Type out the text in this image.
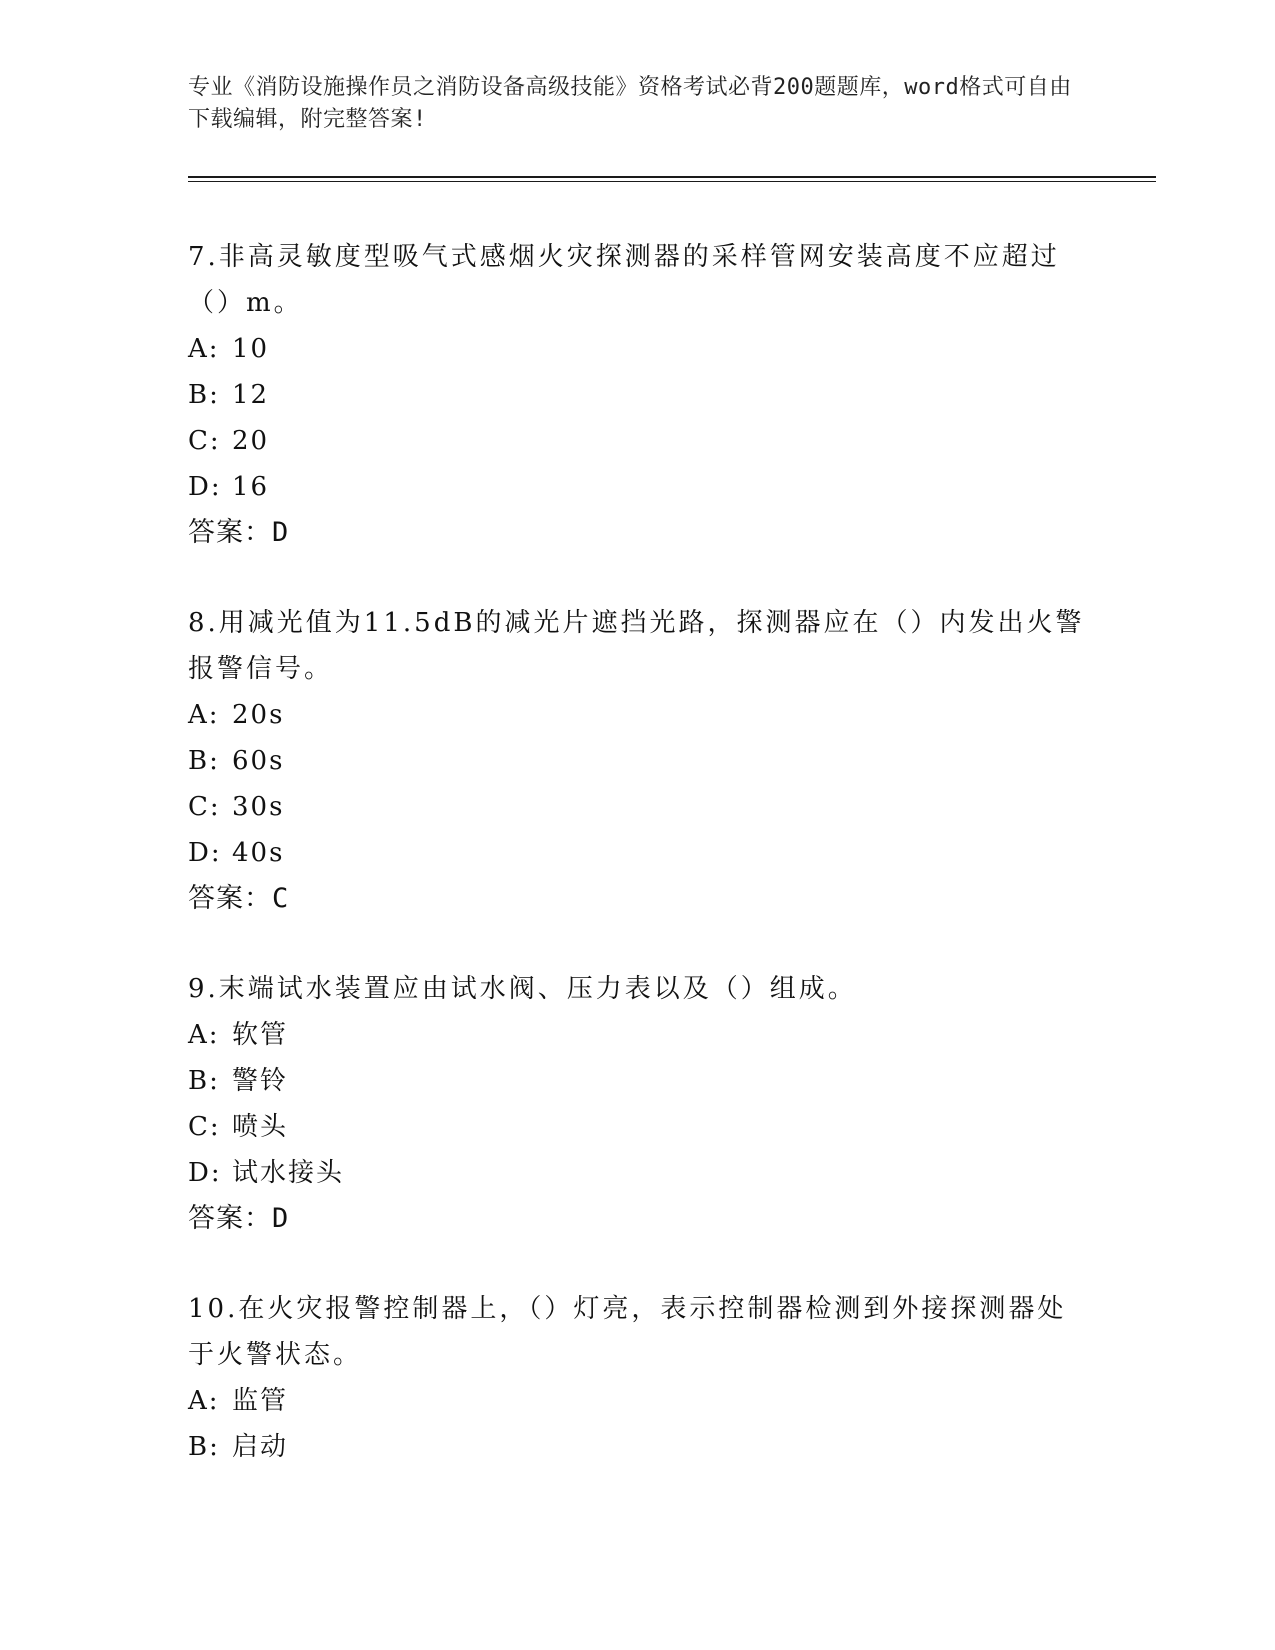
专业《消防设施操作员之消防设备高级技能》资格考试必背200题题库，word格式可自由下载编辑，附完整答案!

7.非高灵敏度型吸气式感烟火灾探测器的采样管网安装高度不应超过（）m。

A: 10

B: 12

C: 20

D: 16

答案：D

8.用减光值为11.5dB的减光片遮挡光路，探测器应在（）内发出火警报警信号。

A: 20s

B: 60s

C: 30s

D: 40s

答案：C

9.末端试水装置应由试水阀、压力表以及（）组成。

A: 软管

B: 警铃

C: 喷头

D: 试水接头

答案：D

10.在火灾报警控制器上，（）灯亮，表示控制器检测到外接探测器处于火警状态。

A: 监管

B: 启动
